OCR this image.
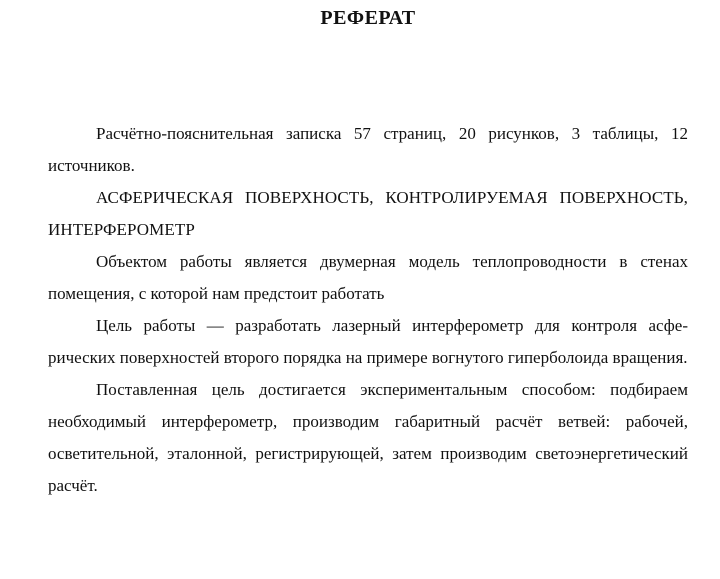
РЕФЕРАТ

Расчётно-пояснительная записка 57 страниц, 20 рисунков, 3 таблицы, 12 источников.

АСФЕРИЧЕСКАЯ ПОВЕРХНОСТЬ, КОНТРОЛИРУЕМАЯ ПОВЕРХНОСТЬ, ИНТЕРФЕРОМЕТР

Объектом работы является двумерная модель теплопроводности в стенах помещения, с которой нам предстоит работать

Цель работы — разработать лазерный интерферометр для контроля асферических поверхностей второго порядка на примере вогнутого гиперболоида вращения.

Поставленная цель достигается экспериментальным способом: подбираем необходимый интерферометр, производим габаритный расчёт ветвей: рабочей, осветительной, эталонной, регистрирующей, затем производим светоэнергетический расчёт.
